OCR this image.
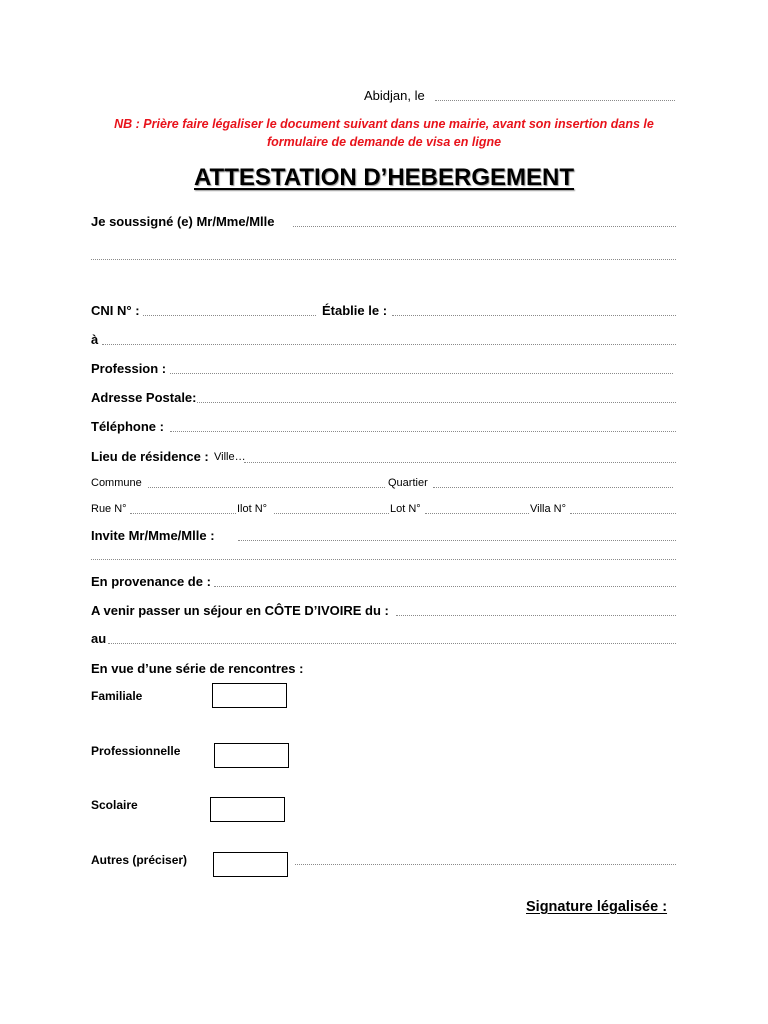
Abidjan, le
NB : Prière faire légaliser le document suivant dans une mairie, avant son insertion dans le
formulaire de demande de visa en ligne
ATTESTATION D’HEBERGEMENT
Je soussigné (e) Mr/Mme/Mlle
CNI N° :	Établie le :
à
Profession :
Adresse Postale:
Téléphone :
Lieu de résidence : Ville…
Commune	Quartier
Rue N°	Ilot N°	Lot N°	Villa N°
Invite Mr/Mme/Mlle :
En provenance de :
A venir passer un séjour en CÔTE D’IVOIRE du :
au
En vue d’une série de rencontres :
Familiale
Professionnelle
Scolaire
Autres (préciser)
Signature légalisée :
